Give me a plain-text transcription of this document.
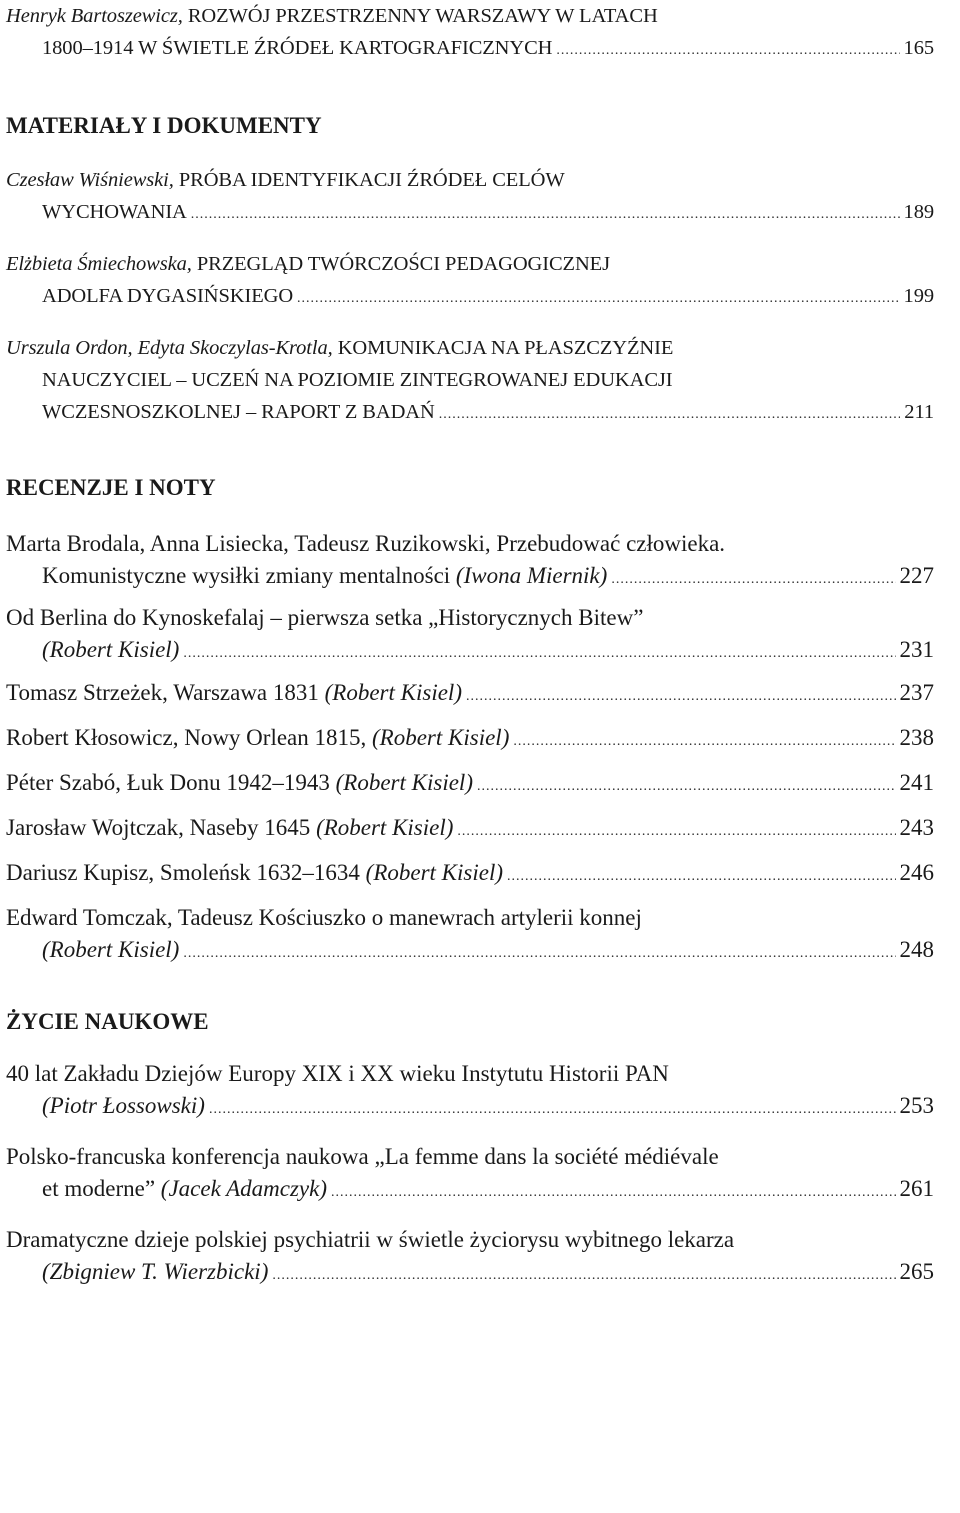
Henryk Bartoszewicz, ROZWÓJ PRZESTRZENNY WARSZAWY W LATACH
1800–1914 W ŚWIETLE ŹRÓDEŁ KARTOGRAFICZNYCH .....	165
MATERIAŁY I DOKUMENTY
Czesław Wiśniewski, PRÓBA IDENTYFIKACJI ŹRÓDEŁ CELÓW
WYCHOWANIA .....	189
Elżbieta Śmiechowska, PRZEGLĄD TWÓRCZOŚCI PEDAGOGICZNEJ
ADOLFA DYGASIŃSKIEGO .....	199
Urszula Ordon, Edyta Skoczylas-Krotla, KOMUNIKACJA NA PŁASZCZYŹNIE
NAUCZYCIEL – UCZEŃ NA POZIOMIE ZINTEGROWANEJ EDUKACJI
WCZESNOSZKOLNEJ – RAPORT Z BADAŃ .....	211
RECENZJE I NOTY
Marta Brodala, Anna Lisiecka, Tadeusz Ruzikowski, Przebudować człowieka.
Komunistyczne wysiłki zmiany mentalności
(Iwona Miernik) .....	227
Od Berlina do Kynoskefalaj – pierwsza setka „Historycznych Bitew”
(Robert Kisiel) .....	231
Tomasz Strzeżek, Warszawa 1831
(Robert Kisiel) .....	237
Robert Kłosowicz, Nowy Orlean 1815,
(Robert Kisiel) .....	238
Péter Szabó, Łuk Donu 1942–1943
(Robert Kisiel) .....	241
Jarosław Wojtczak, Naseby 1645
(Robert Kisiel) .....	243
Dariusz Kupisz, Smoleńsk 1632–1634
(Robert Kisiel) .....	246
Edward Tomczak, Tadeusz Kościuszko o manewrach artylerii konnej
(Robert Kisiel) .....	248
ŻYCIE NAUKOWE
40 lat Zakładu Dziejów Europy XIX i XX wieku Instytutu Historii PAN
(Piotr Łossowski) .....	253
Polsko-francuska konferencja naukowa „La femme dans la société médiévale
et moderne”
(Jacek Adamczyk) .....	261
Dramatyczne dzieje polskiej psychiatrii w świetle życiorysu wybitnego lekarza
(Zbigniew T. Wierzbicki) .....	265
